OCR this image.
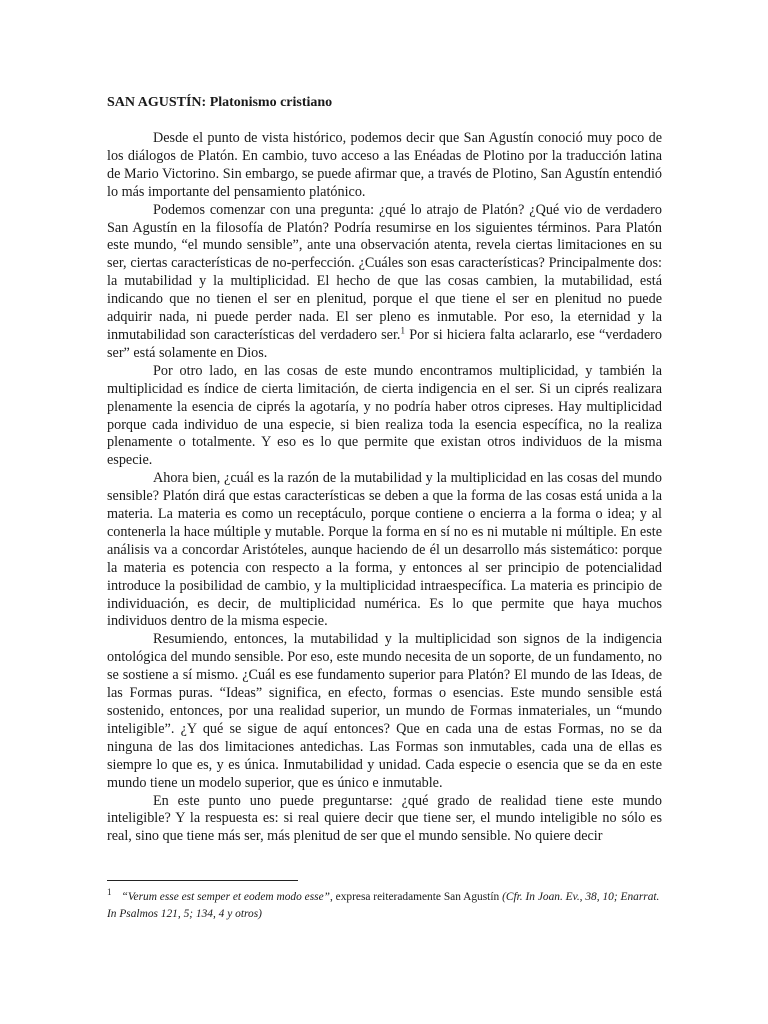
SAN AGUSTÍN: Platonismo cristiano

Desde el punto de vista histórico, podemos decir que San Agustín conoció muy poco de los diálogos de Platón. En cambio, tuvo acceso a las Enéadas de Plotino por la traducción latina de Mario Victorino. Sin embargo, se puede afirmar que, a través de Plotino, San Agustín entendió lo más importante del pensamiento platónico.

Podemos comenzar con una pregunta: ¿qué lo atrajo de Platón? ¿Qué vio de verdadero San Agustín en la filosofía de Platón? Podría resumirse en los siguientes términos. Para Platón este mundo, “el mundo sensible”, ante una observación atenta, revela ciertas limitaciones en su ser, ciertas características de no-perfección. ¿Cuáles son esas características? Principalmente dos: la mutabilidad y la multiplicidad. El hecho de que las cosas cambien, la mutabilidad, está indicando que no tienen el ser en plenitud, porque el que tiene el ser en plenitud no puede adquirir nada, ni puede perder nada. El ser pleno es inmutable. Por eso, la eternidad y la inmutabilidad son características del verdadero ser.$^1$ Por si hiciera falta aclararlo, ese “verdadero ser” está solamente en Dios.

Por otro lado, en las cosas de este mundo encontramos multiplicidad, y también la multiplicidad es índice de cierta limitación, de cierta indigencia en el ser. Si un ciprés realizara plenamente la esencia de ciprés la agotaría, y no podría haber otros cipreses. Hay multiplicidad porque cada individuo de una especie, si bien realiza toda la esencia específica, no la realiza plenamente o totalmente. Y eso es lo que permite que existan otros individuos de la misma especie.

Ahora bien, ¿cuál es la razón de la mutabilidad y la multiplicidad en las cosas del mundo sensible? Platón dirá que estas características se deben a que la forma de las cosas está unida a la materia. La materia es como un receptáculo, porque contiene o encierra a la forma o idea; y al contenerla la hace múltiple y mutable. Porque la forma en sí no es ni mutable ni múltiple. En este análisis va a concordar Aristóteles, aunque haciendo de él un desarrollo más sistemático: porque la materia es potencia con respecto a la forma, y entonces al ser principio de potencialidad introduce la posibilidad de cambio, y la multiplicidad intraespecífica. La materia es principio de individuación, es decir, de multiplicidad numérica. Es lo que permite que haya muchos individuos dentro de la misma especie.

Resumiendo, entonces, la mutabilidad y la multiplicidad son signos de la indigencia ontológica del mundo sensible. Por eso, este mundo necesita de un soporte, de un fundamento, no se sostiene a sí mismo. ¿Cuál es ese fundamento superior para Platón? El mundo de las Ideas, de las Formas puras. “Ideas” significa, en efecto, formas o esencias. Este mundo sensible está sostenido, entonces, por una realidad superior, un mundo de Formas inmateriales, un “mundo inteligible”. ¿Y qué se sigue de aquí entonces? Que en cada una de estas Formas, no se da ninguna de las dos limitaciones antedichas. Las Formas son inmutables, cada una de ellas es siempre lo que es, y es única. Inmutabilidad y unidad. Cada especie o esencia que se da en este mundo tiene un modelo superior, que es único e inmutable.

En este punto uno puede preguntarse: ¿qué grado de realidad tiene este mundo inteligible? Y la respuesta es: si real quiere decir que tiene ser, el mundo inteligible no sólo es real, sino que tiene más ser, más plenitud de ser que el mundo sensible. No quiere decir

$^1$ “Verum esse est semper et eodem modo esse”, expresa reiteradamente San Agustín (Cfr. In Joan. Ev., 38, 10; Enarrat. In Psalmos 121, 5; 134, 4 y otros)
